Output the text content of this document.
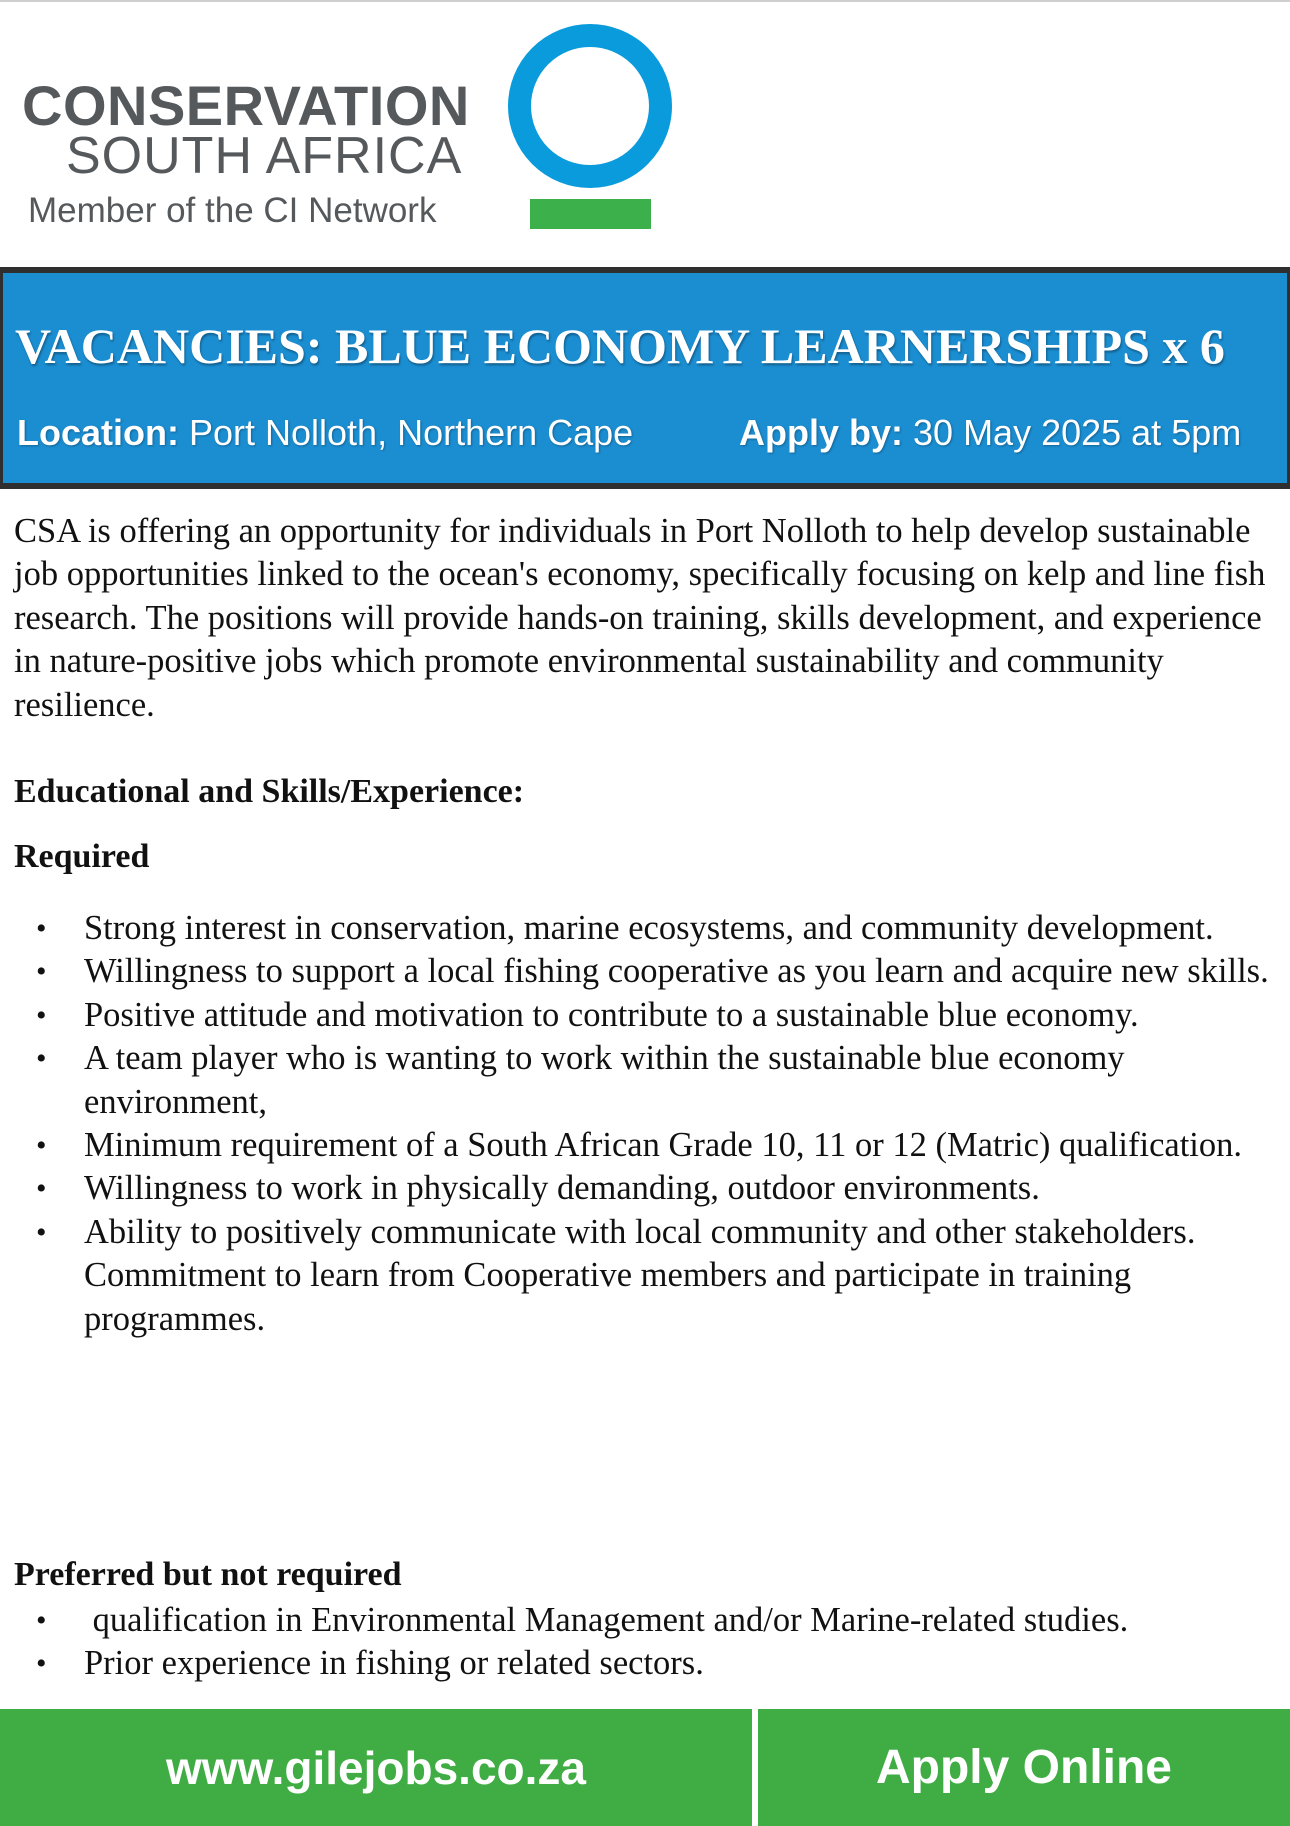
CONSERVATION
SOUTH AFRICA
Member of the CI Network
VACANCIES: BLUE ECONOMY LEARNERSHIPS x 6
Location: Port Nolloth, Northern Cape	Apply by: 30 May 2025 at 5pm

CSA is offering an opportunity for individuals in Port Nolloth to help develop sustainable job opportunities linked to the ocean's economy, specifically focusing on kelp and line fish research. The positions will provide hands-on training, skills development, and experience in nature-positive jobs which promote environmental sustainability and community resilience.

Educational and Skills/Experience:
Required
• Strong interest in conservation, marine ecosystems, and community development.
• Willingness to support a local fishing cooperative as you learn and acquire new skills.
• Positive attitude and motivation to contribute to a sustainable blue economy.
• A team player who is wanting to work within the sustainable blue economy environment,
• Minimum requirement of a South African Grade 10, 11 or 12 (Matric) qualification.
• Willingness to work in physically demanding, outdoor environments.
• Ability to positively communicate with local community and other stakeholders.
Commitment to learn from Cooperative members and participate in training programmes.
Preferred but not required
• qualification in Environmental Management and/or Marine-related studies.
• Prior experience in fishing or related sectors.
www.gilejobs.co.za	Apply Online
